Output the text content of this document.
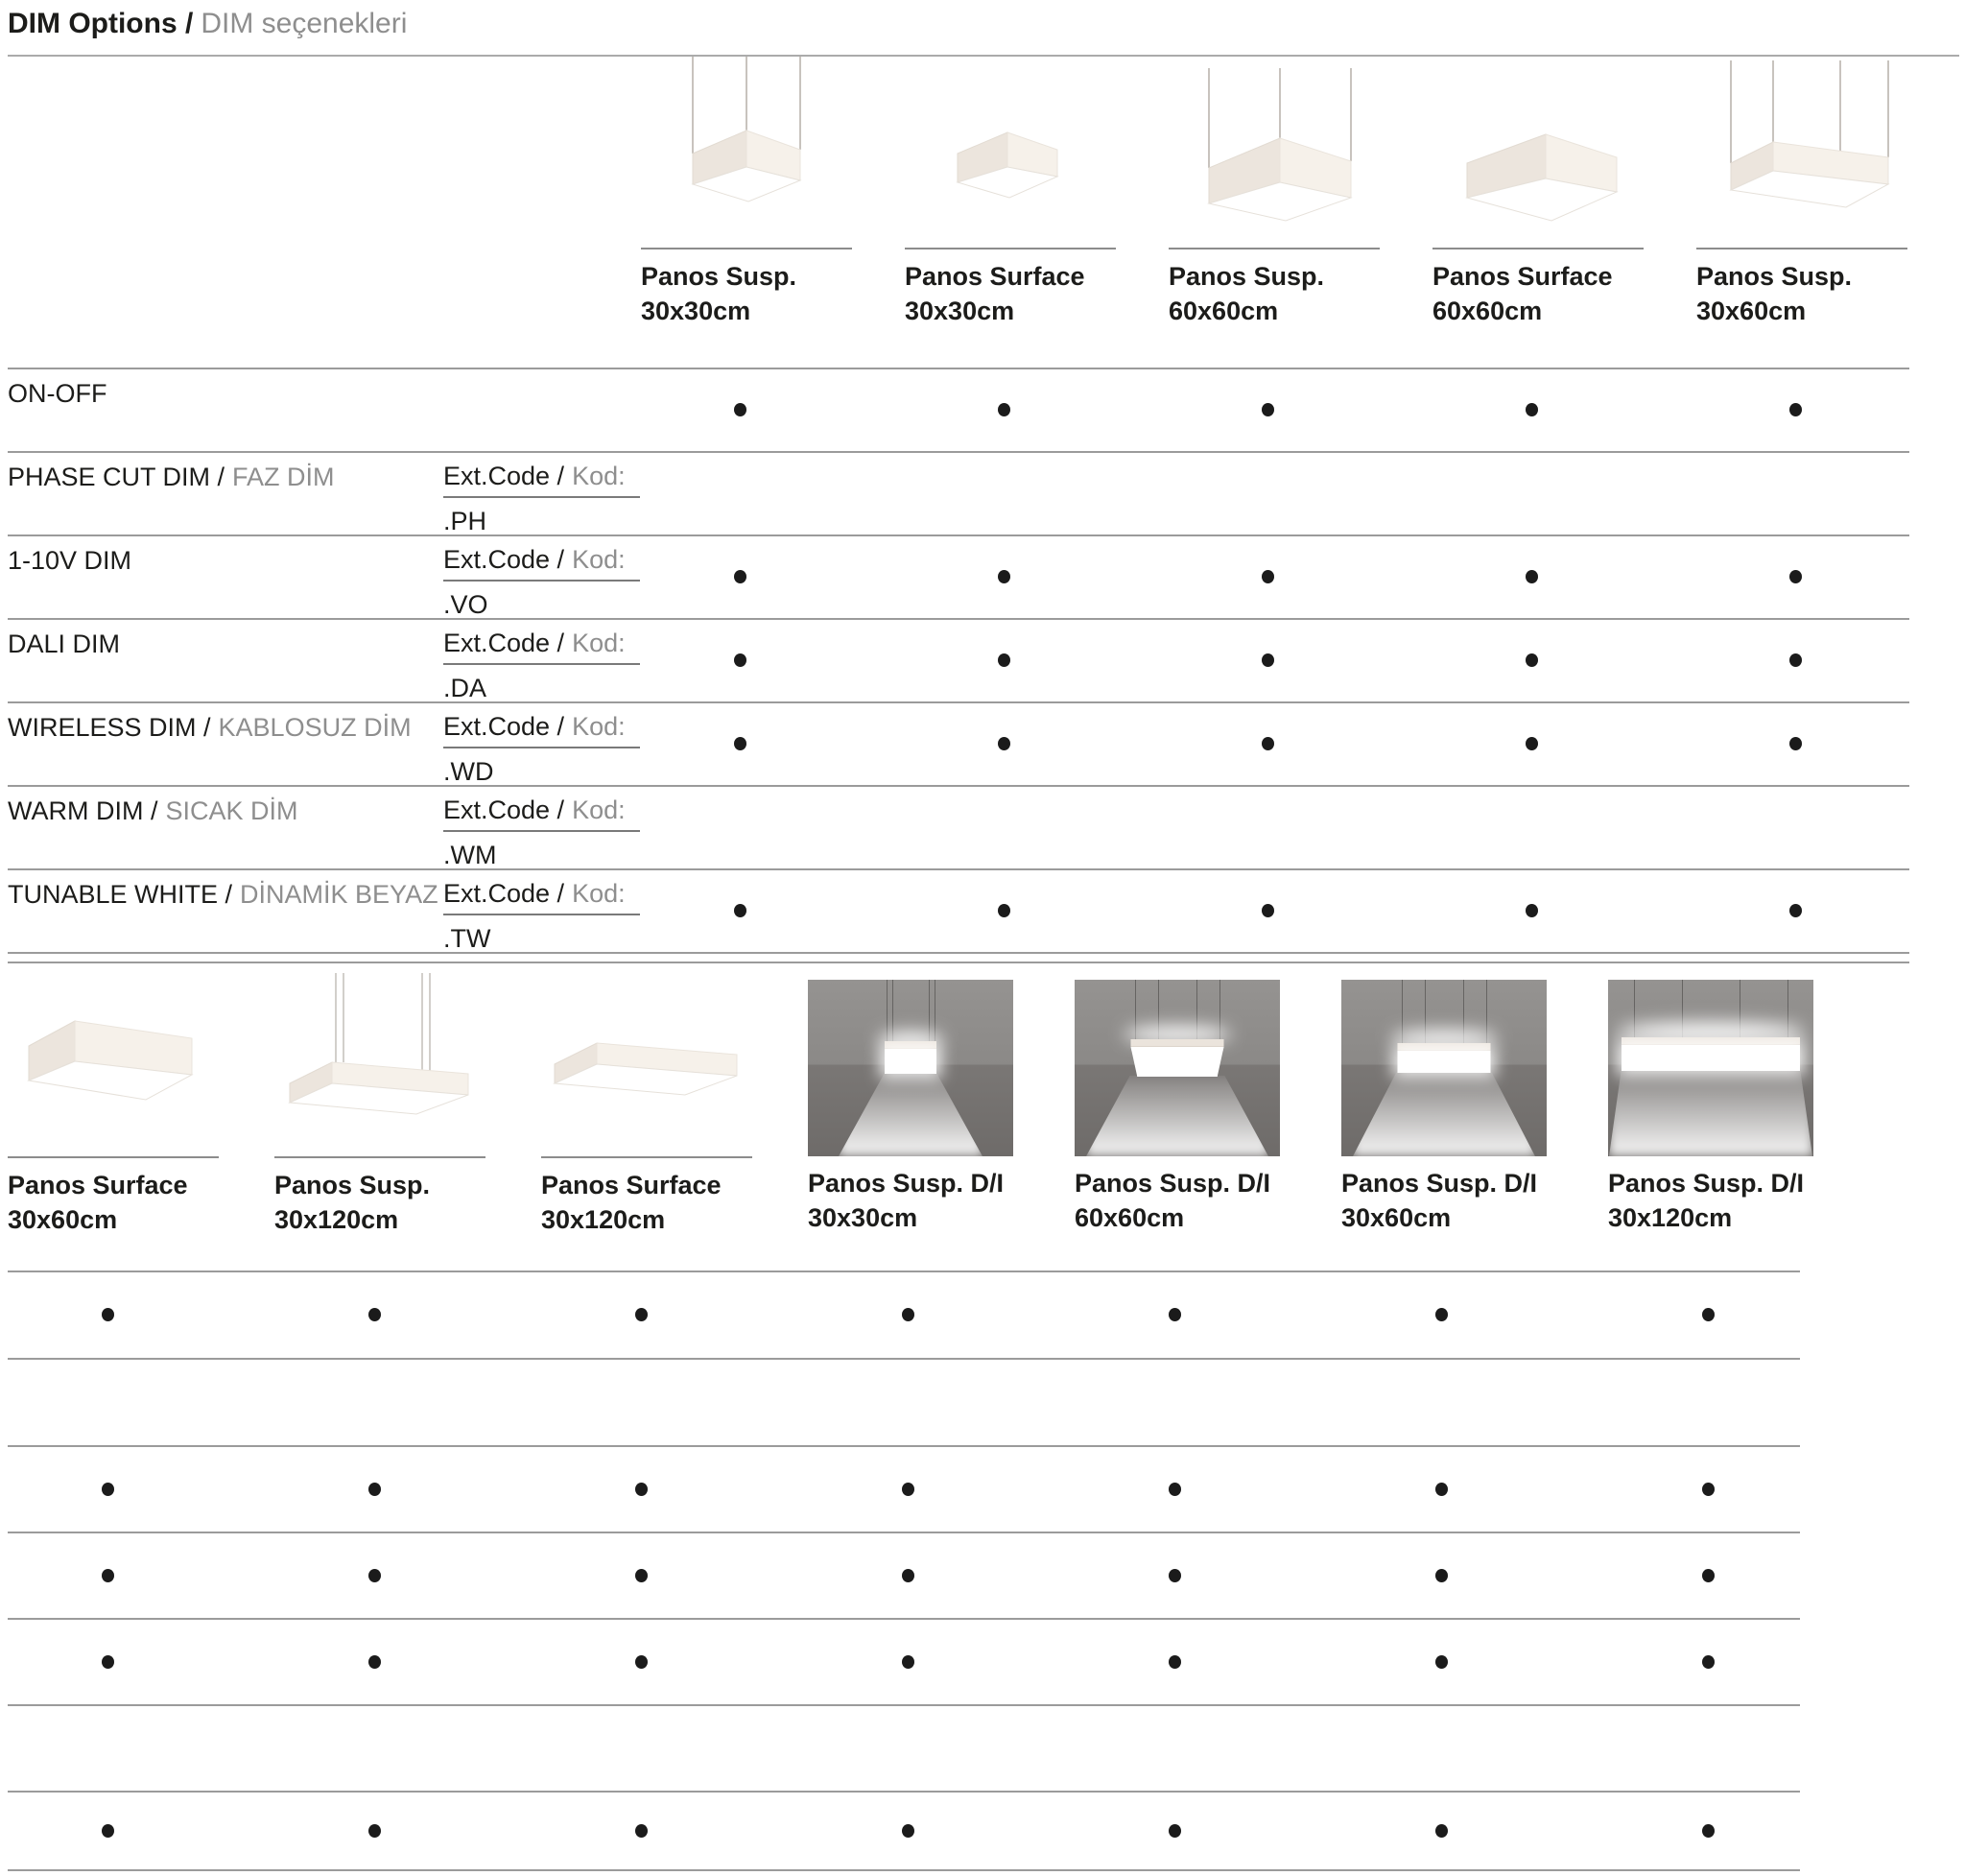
DIM Options / DIM seçenekleri
Panos Susp.
30x30cm
Panos Surface
30x30cm
Panos Susp.
60x60cm
Panos Surface
60x60cm
Panos Susp.
30x60cm
ON-OFF
PHASE CUT DIM / FAZ DİM
1-10V DIM
DALI DIM
WIRELESS DIM / KABLOSUZ DİM
WARM DIM / SICAK DİM
TUNABLE WHITE / DİNAMİK BEYAZ
Ext.Code / Kod:
.PH
Ext.Code / Kod:
.VO
Ext.Code / Kod:
.DA
Ext.Code / Kod:
.WD
Ext.Code / Kod:
.WM
Ext.Code / Kod:
.TW
Panos Surface
30x60cm
Panos Susp.
30x120cm
Panos Surface
30x120cm
Panos Susp. D/I
30x30cm
Panos Susp. D/I
60x60cm
Panos Susp. D/I
30x60cm
Panos Susp. D/I
30x120cm
